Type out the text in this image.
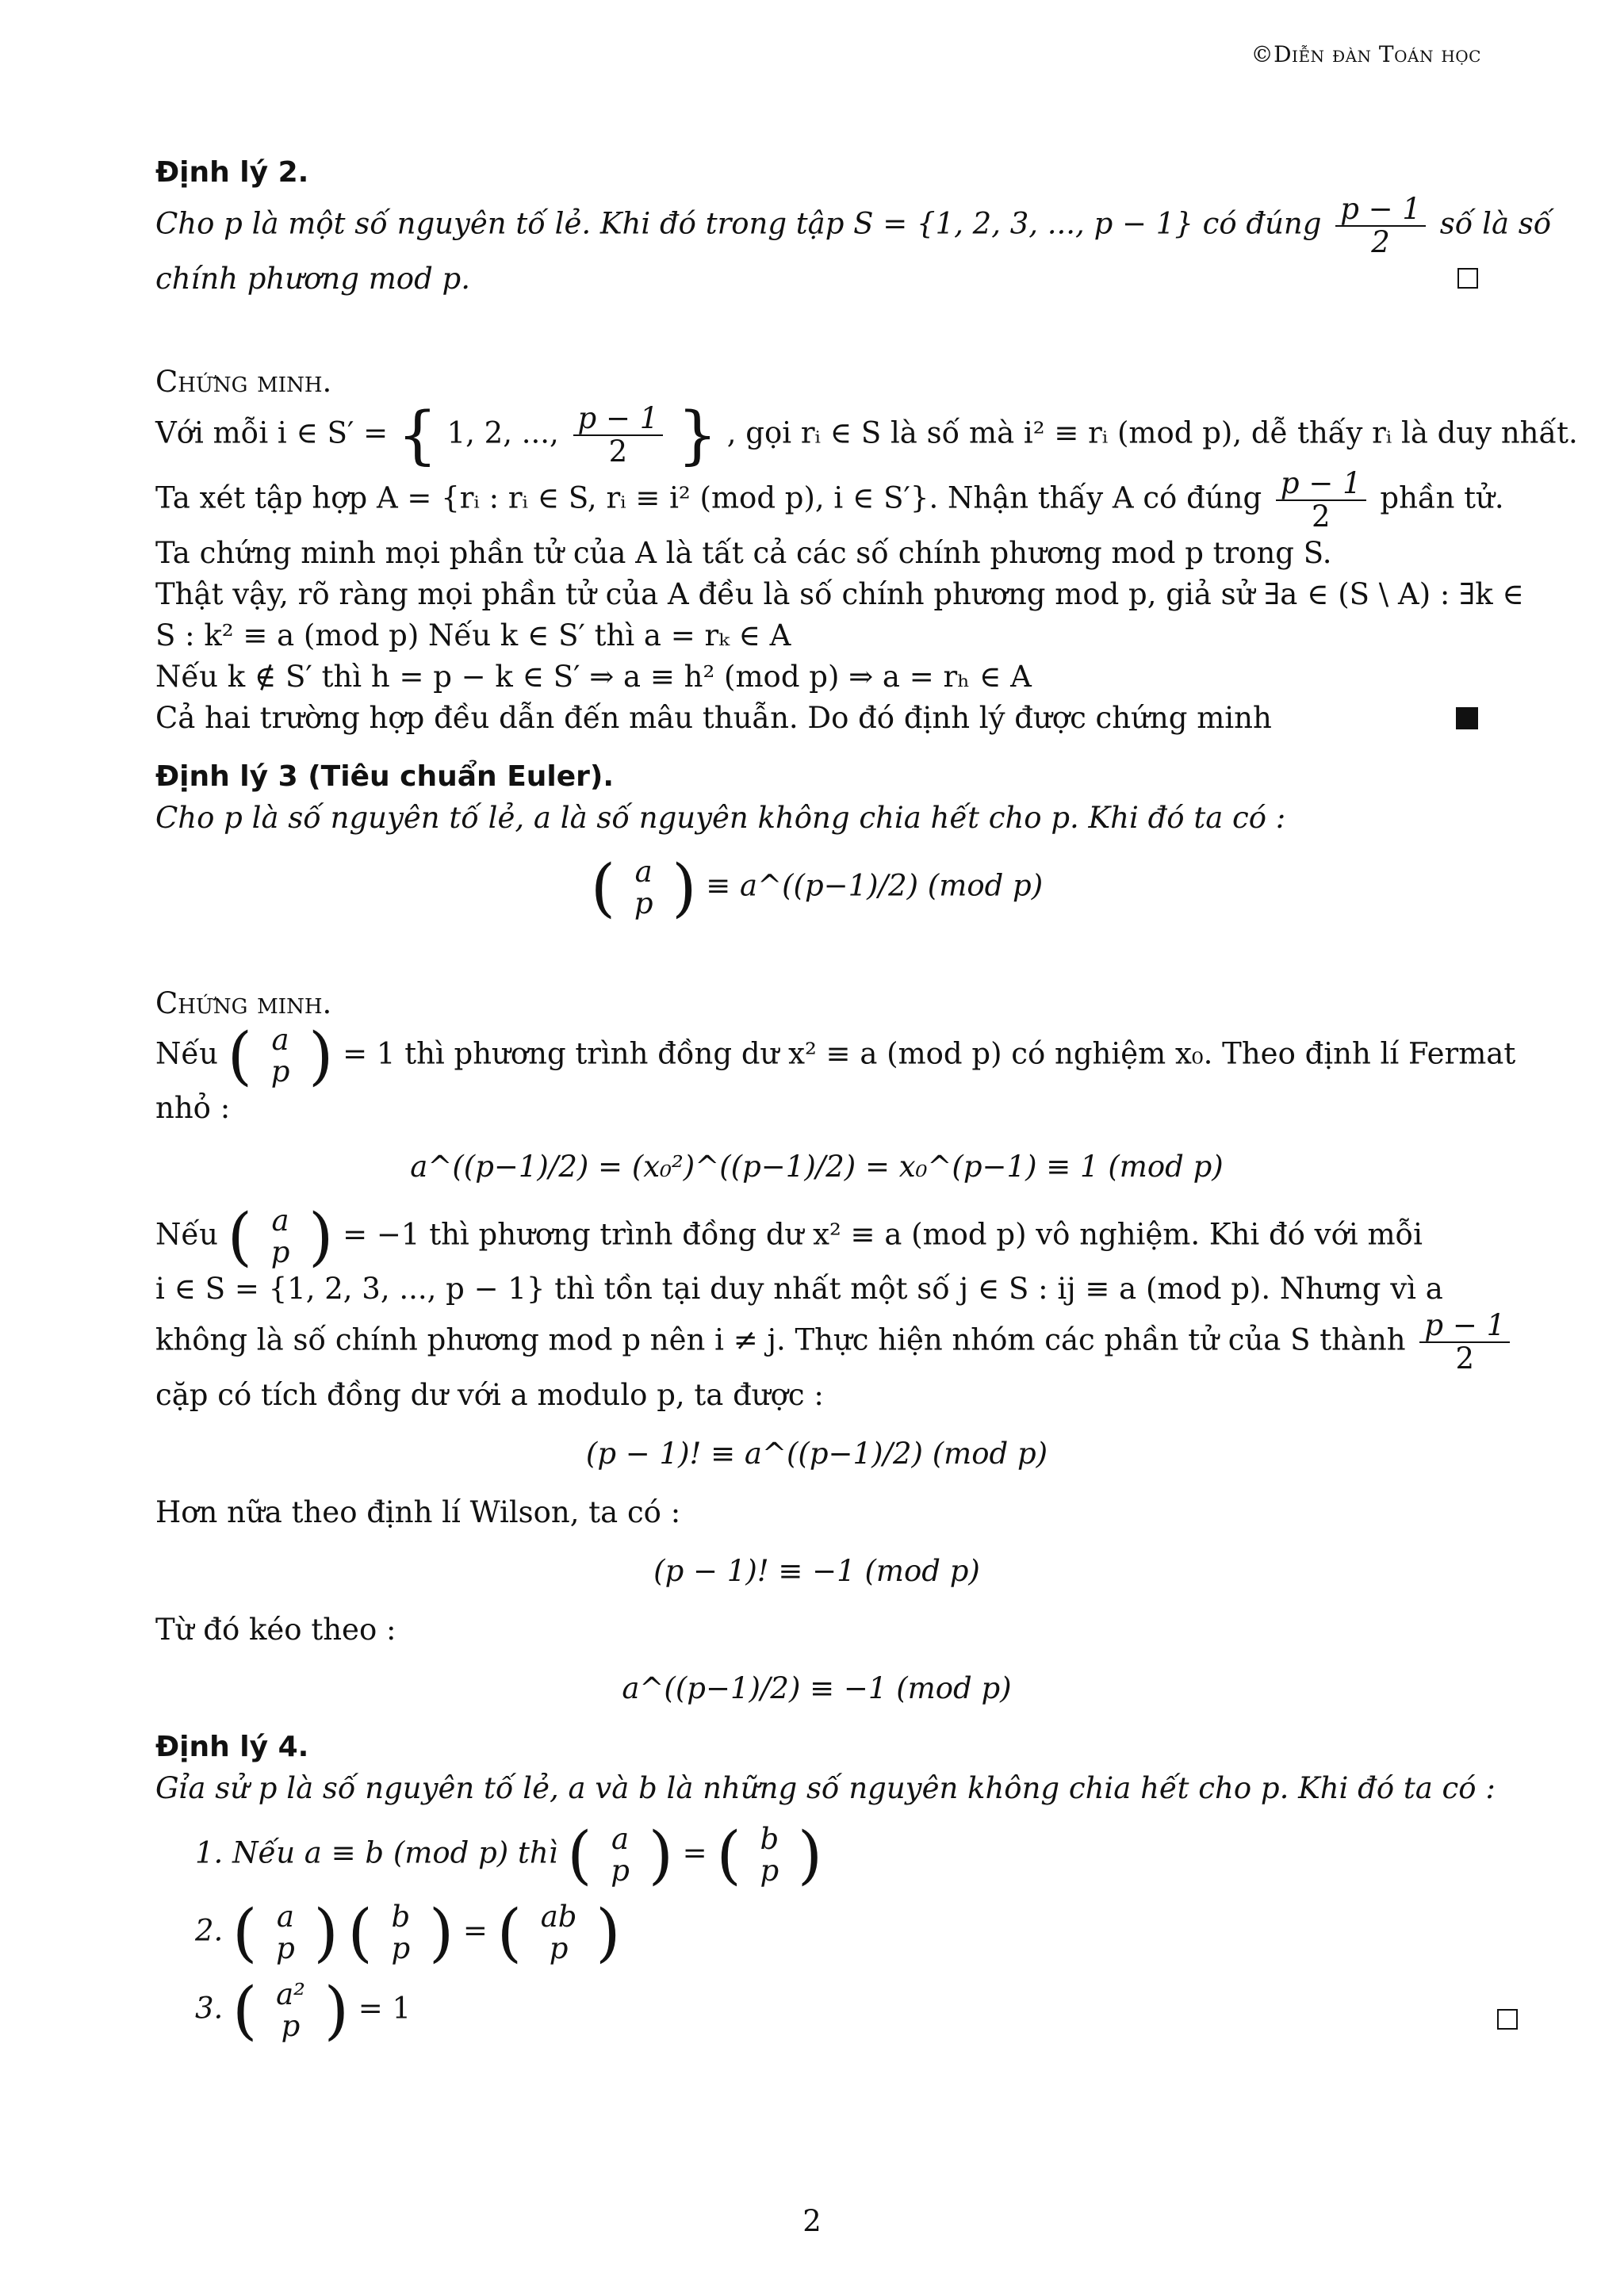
©Diễn đàn Toán học
Định lý 2.
Cho p là một số nguyên tố lẻ. Khi đó trong tập S = {1, 2, 3, ..., p − 1} có đúng $\frac{p - 1}{2}$ số là số
chính phương mod p.
Chứng minh.
Với mỗi i ∈ S′ = { 1, 2, ..., $\frac{p - 1}{2}$ } , gọi rᵢ ∈ S là số mà i² ≡ rᵢ (mod p), dễ thấy rᵢ là duy nhất.
Ta xét tập hợp A = {rᵢ : rᵢ ∈ S, rᵢ ≡ i² (mod p), i ∈ S′}. Nhận thấy A có đúng $\frac{p - 1}{2}$ phần tử.
Ta chứng minh mọi phần tử của A là tất cả các số chính phương mod p trong S.
Thật vậy, rõ ràng mọi phần tử của A đều là số chính phương mod p, giả sử ∃a ∈ (S \ A) : ∃k ∈
S : k² ≡ a (mod p) Nếu k ∈ S′ thì a = rₖ ∈ A
Nếu k ∉ S′ thì h = p − k ∈ S′ ⇒ a ≡ h² (mod p) ⇒ a = rₕ ∈ A
Cả hai trường hợp đều dẫn đến mâu thuẫn. Do đó định lý được chứng minh
Định lý 3 (Tiêu chuẩn Euler).
Cho p là số nguyên tố lẻ, a là số nguyên không chia hết cho p. Khi đó ta có :
( a
p ) ≡ a^((p−1)/2) (mod p)
Chứng minh.
Nếu ( a
p ) = 1 thì phương trình đồng dư x² ≡ a (mod p) có nghiệm x₀. Theo định lí Fermat
nhỏ :
a^((p−1)/2) = (x₀²)^((p−1)/2) = x₀^(p−1) ≡ 1 (mod p)
Nếu ( a
p ) = −1 thì phương trình đồng dư x² ≡ a (mod p) vô nghiệm. Khi đó với mỗi
i ∈ S = {1, 2, 3, ..., p − 1} thì tồn tại duy nhất một số j ∈ S : ij ≡ a (mod p). Nhưng vì a
không là số chính phương mod p nên i ≠ j. Thực hiện nhóm các phần tử của S thành $\frac{p - 1}{2}$
cặp có tích đồng dư với a modulo p, ta được :
(p − 1)! ≡ a^((p−1)/2) (mod p)
Hơn nữa theo định lí Wilson, ta có :
(p − 1)! ≡ −1 (mod p)
Từ đó kéo theo :
a^((p−1)/2) ≡ −1 (mod p)
Định lý 4.
Gỉa sử p là số nguyên tố lẻ, a và b là những số nguyên không chia hết cho p. Khi đó ta có :
1. Nếu a ≡ b (mod p) thì ( a
p ) = ( b
p )
2. ( a
p ) ( b
p ) = ( ab
p )
3. ( a²
p ) = 1
2
